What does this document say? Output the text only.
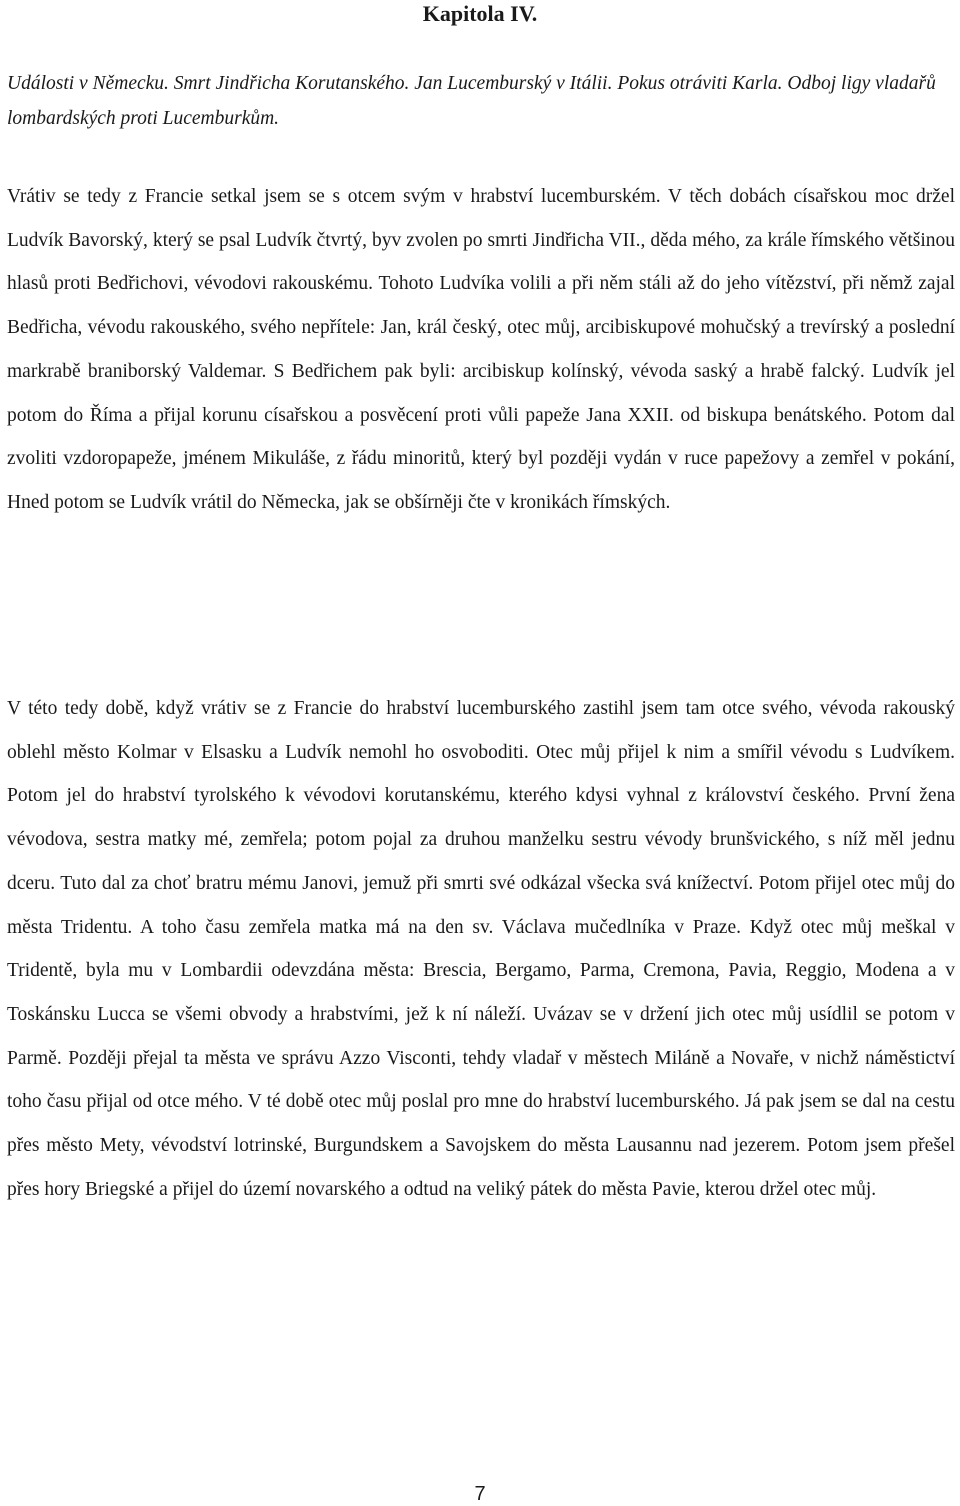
Kapitola IV.

Události v Německu. Smrt Jindřicha Korutanského. Jan Lucemburský v Itálii. Pokus otráviti Karla. Odboj ligy vladařů lombardských proti Lucemburkům.

Vrátiv se tedy z Francie setkal jsem se s otcem svým v hrabství lucemburském. V těch dobách císařskou moc držel Ludvík Bavorský, který se psal Ludvík čtvrtý, byv zvolen po smrti Jindřicha VII., děda mého, za krále římského většinou hlasů proti Bedřichovi, vévodovi rakouskému. Tohoto Ludvíka volili a při něm stáli až do jeho vítězství, při němž zajal Bedřicha, vévodu rakouského, svého nepřítele: Jan, král český, otec můj, arcibiskupové mohučský a trevírský a poslední markrabě braniborský Valdemar. S Bedřichem pak byli: arcibiskup kolínský, vévoda saský a hrabě falcký. Ludvík jel potom do Říma a přijal korunu císařskou a posvěcení proti vůli papeže Jana XXII. od biskupa benátského. Potom dal zvoliti vzdoropapeže, jménem Mikuláše, z řádu minoritů, který byl později vydán v ruce papežovy a zemřel v pokání, Hned potom se Ludvík vrátil do Německa, jak se obšírněji čte v kronikách římských.

V této tedy době, když vrátiv se z Francie do hrabství lucemburského zastihl jsem tam otce svého, vévoda rakouský oblehl město Kolmar v Elsasku a Ludvík nemohl ho osvoboditi. Otec můj přijel k nim a smířil vévodu s Ludvíkem. Potom jel do hrabství tyrolského k vévodovi korutanskému, kterého kdysi vyhnal z království českého. První žena vévodova, sestra matky mé, zemřela; potom pojal za druhou manželku sestru vévody brunšvického, s níž měl jednu dceru. Tuto dal za choť bratru mému Janovi, jemuž při smrti své odkázal všecka svá knížectví. Potom přijel otec můj do města Tridentu. A toho času zemřela matka má na den sv. Václava mučedlníka v Praze. Když otec můj meškal v Tridentě, byla mu v Lombardii odevzdána města: Brescia, Bergamo, Parma, Cremona, Pavia, Reggio, Modena a v Toskánsku Lucca se všemi obvody a hrabstvími, jež k ní náleží. Uvázav se v držení jich otec můj usídlil se potom v Parmě. Později přejal ta města ve správu Azzo Visconti, tehdy vladař v městech Miláně a Novaře, v nichž náměstictví toho času přijal od otce mého. V té době otec můj poslal pro mne do hrabství lucemburského. Já pak jsem se dal na cestu přes město Mety, vévodství lotrinské, Burgundskem a Savojskem do města Lausannu nad jezerem. Potom jsem přešel přes hory Briegské a přijel do území novarského a odtud na veliký pátek do města Pavie, kterou držel otec můj.

7
